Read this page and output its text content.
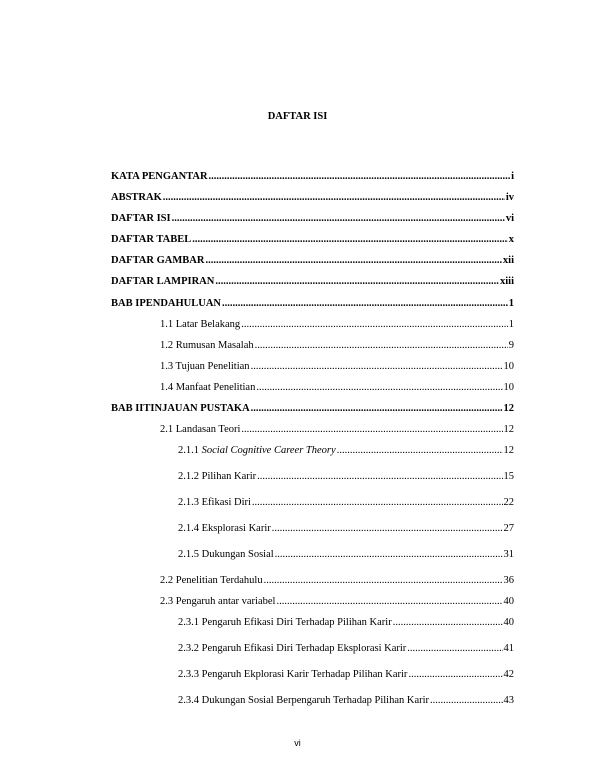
DAFTAR ISI
KATA PENGANTAR .....	i
ABSTRAK .....	iv
DAFTAR ISI .....	vi
DAFTAR TABEL .....	x
DAFTAR GAMBAR .....	xii
DAFTAR LAMPIRAN .....	xiii
BAB I PENDAHULUAN .....	1
1.1 Latar Belakang .....	1
1.2 Rumusan Masalah .....	9
1.3 Tujuan Penelitian .....	10
1.4 Manfaat Penelitian .....	10
BAB II TINJAUAN PUSTAKA .....	12
2.1 Landasan Teori .....	12
2.1.1 Social Cognitive Career Theory .....	12
2.1.2 Pilihan Karir .....	15
2.1.3 Efikasi Diri .....	22
2.1.4 Eksplorasi Karir .....	27
2.1.5 Dukungan Sosial .....	31
2.2 Penelitian Terdahulu .....	36
2.3 Pengaruh antar variabel .....	40
2.3.1 Pengaruh Efikasi Diri Terhadap Pilihan Karir .....	40
2.3.2 Pengaruh Efikasi Diri Terhadap Eksplorasi Karir .....	41
2.3.3 Pengaruh Ekplorasi Karir Terhadap Pilihan Karir .....	42
2.3.4 Dukungan Sosial Berpengaruh Terhadap Pilihan Karir .....	43
vi
